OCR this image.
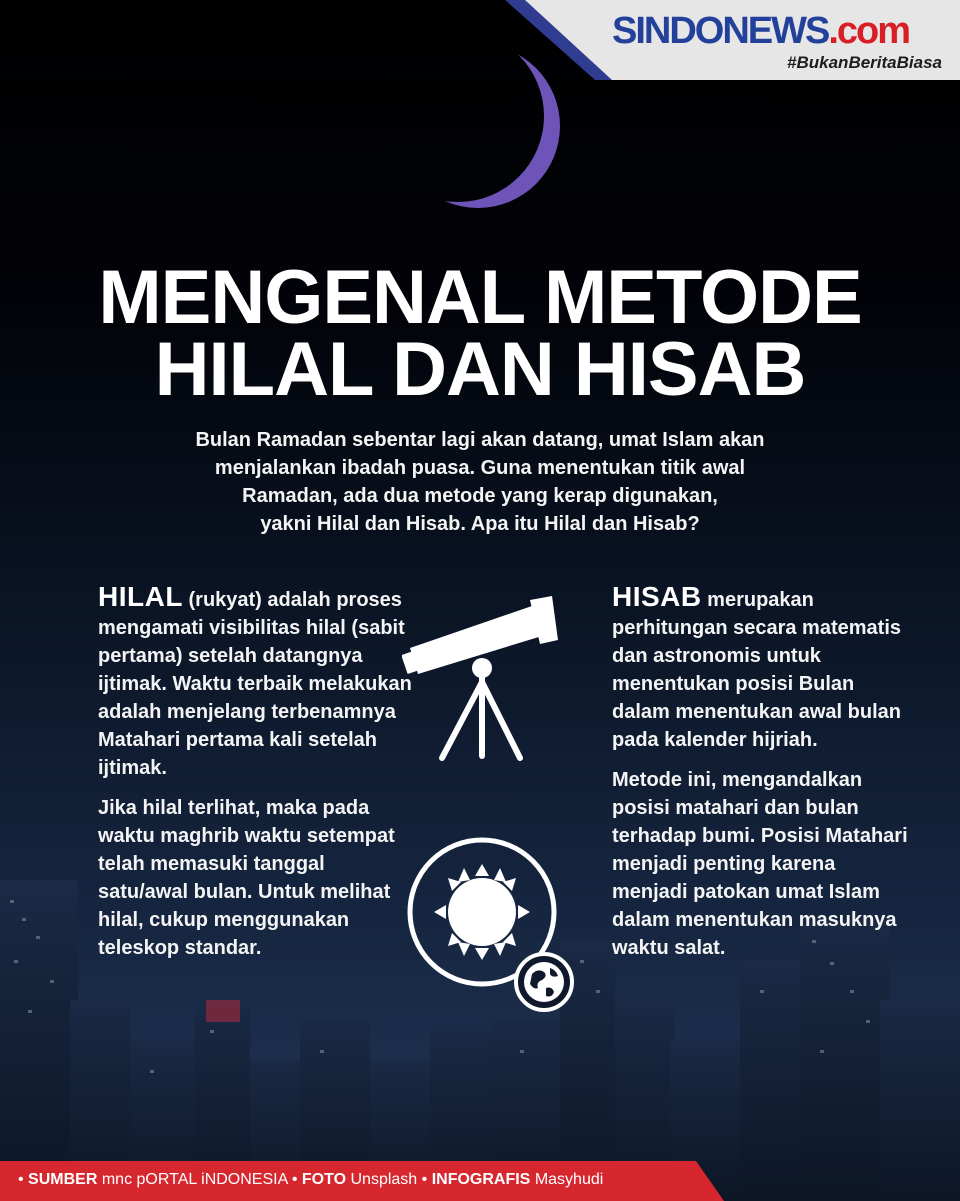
SINDONEWS.com
#BukanBeritaBiasa
MENGENAL METODE
HILAL DAN HISAB
Bulan Ramadan sebentar lagi akan datang, umat Islam akan
menjalankan ibadah puasa. Guna menentukan titik awal
Ramadan, ada dua metode yang kerap digunakan,
yakni Hilal dan Hisab. Apa itu Hilal dan Hisab?

HILAL (rukyat) adalah proses mengamati visibilitas hilal (sabit pertama) setelah datangnya ijtimak. Waktu terbaik melakukan adalah menjelang terbenamnya Matahari pertama kali setelah ijtimak.

Jika hilal terlihat, maka pada waktu maghrib waktu setempat telah memasuki tanggal satu/awal bulan. Untuk melihat hilal, cukup menggunakan teleskop standar.

HISAB merupakan perhitungan secara matematis dan astronomis untuk menentukan posisi Bulan dalam menentukan awal bulan pada kalender hijriah.

Metode ini, mengandalkan posisi matahari dan bulan terhadap bumi. Posisi Matahari menjadi penting karena menjadi patokan umat Islam dalam menentukan masuknya waktu salat.

• SUMBER mnc pORTAL iNDONESIA • FOTO Unsplash • INFOGRAFIS Masyhudi
